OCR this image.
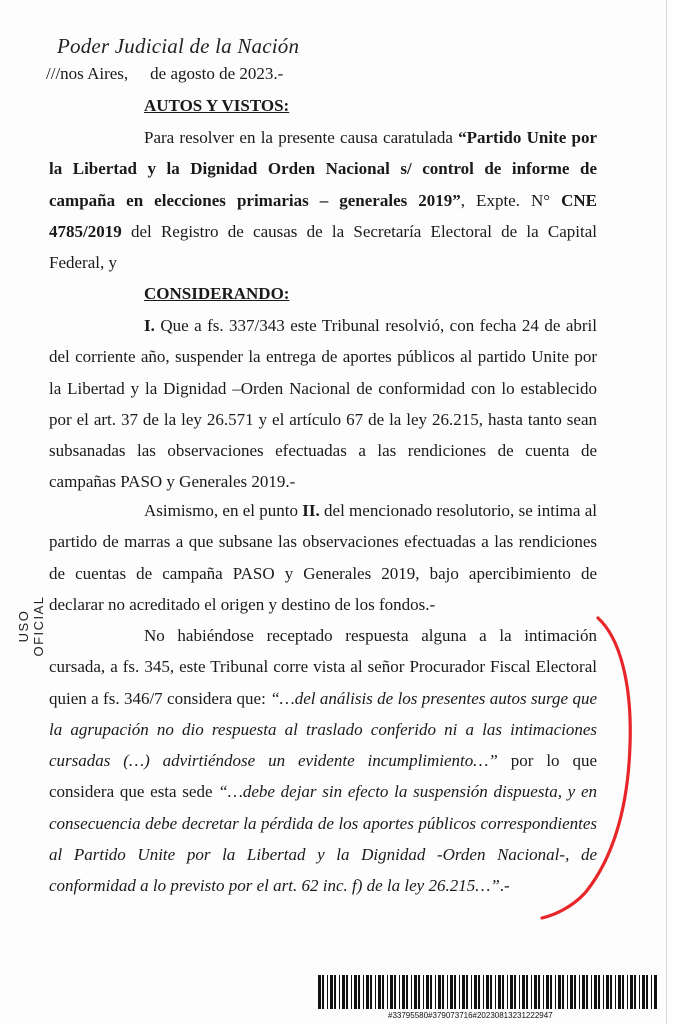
Poder Judicial de la Nación
///nos Aires, de agosto de 2023.-
AUTOS Y VISTOS:

Para resolver en la presente causa caratulada “Partido Unite por la Libertad y la Dignidad Orden Nacional s/ control de informe de campaña en elecciones primarias – generales 2019”, Expte. N° CNE 4785/2019 del Registro de causas de la Secretaría Electoral de la Capital Federal, y

CONSIDERANDO:

I. Que a fs. 337/343 este Tribunal resolvió, con fecha 24 de abril del corriente año, suspender la entrega de aportes públicos al partido Unite por la Libertad y la Dignidad –Orden Nacional de conformidad con lo establecido por el art. 37 de la ley 26.571 y el artículo 67 de la ley 26.215, hasta tanto sean subsanadas las observaciones efectuadas a las rendiciones de cuenta de campañas PASO y Generales 2019.-

Asimismo, en el punto II. del mencionado resolutorio, se intima al partido de marras a que subsane las observaciones efectuadas a las rendiciones de cuentas de campaña PASO y Generales 2019, bajo apercibimiento de declarar no acreditado el origen y destino de los fondos.-

No habiéndose receptado respuesta alguna a la intimación cursada, a fs. 345, este Tribunal corre vista al señor Procurador Fiscal Electoral quien a fs. 346/7 considera que: “…del análisis de los presentes autos surge que la agrupación no dio respuesta al traslado conferido ni a las intimaciones cursadas (…) advirtiéndose un evidente incumplimiento…” por lo que considera que esta sede “…debe dejar sin efecto la suspensión dispuesta, y en consecuencia debe decretar la pérdida de los aportes públicos correspondientes al Partido Unite por la Libertad y la Dignidad -Orden Nacional-, de conformidad a lo previsto por el art. 62 inc. f) de la ley 26.215…”.-

USO OFICIAL
#33795580#379073716#20230813231222947
